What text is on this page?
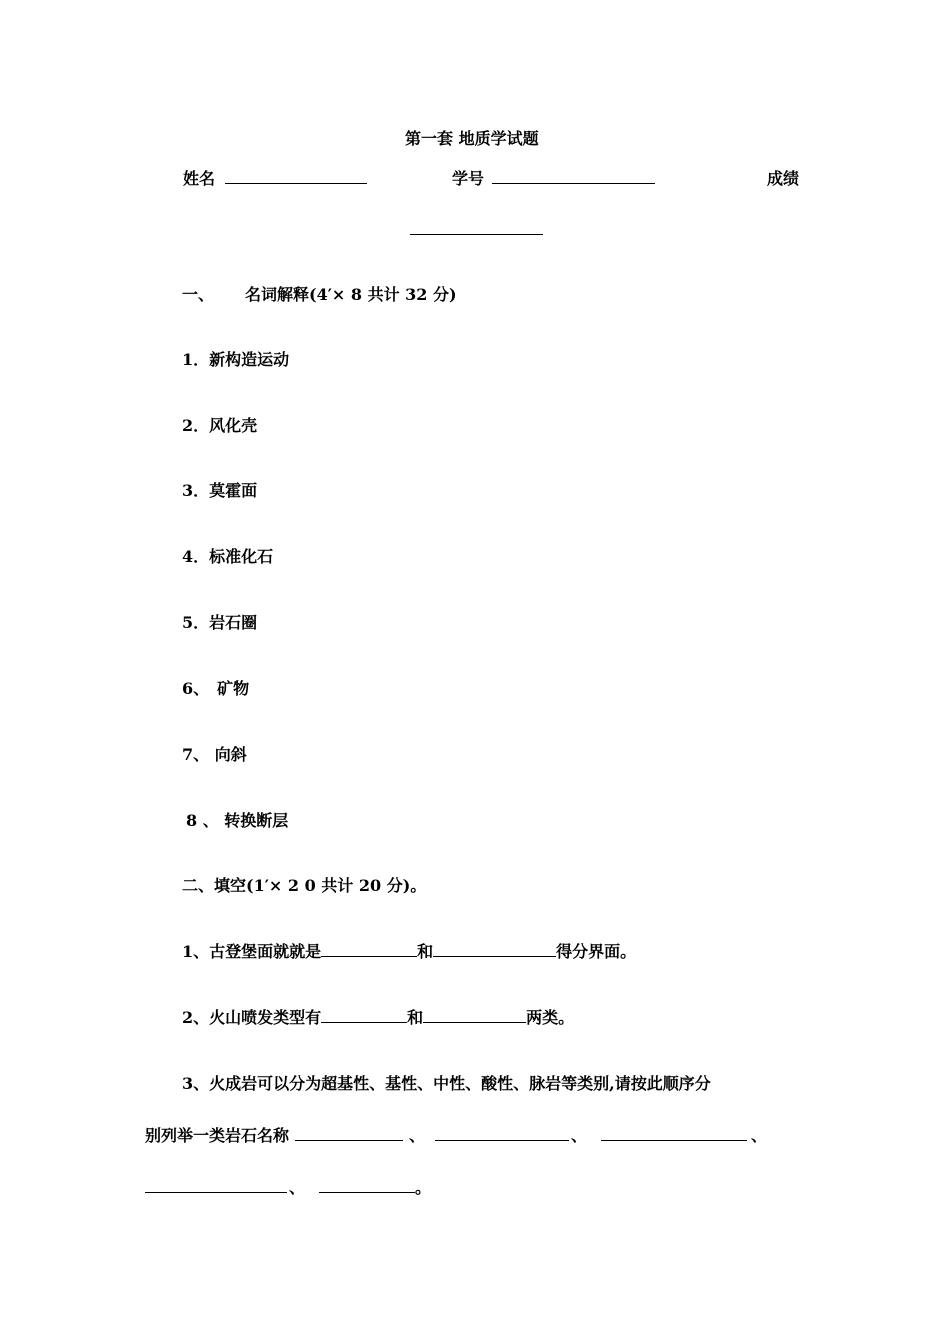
第一套 地质学试题
姓名	学号	成绩
一、 名词解释(4′× 8 共计 32 分)
1．新构造运动
2．风化壳
3．莫霍面
4．标准化石
5．岩石圈
6、　矿物
7、 向斜
8 、 转换断层
二、填空(1′× 2 0 共计 20 分)。
1、古登堡面就就是	和	得分界面。
2、火山喷发类型有	和	两类。
3、火成岩可以分为超基性、基性、中性、酸性、脉岩等类别,请按此顺序分
别列举一类岩石名称	、	、	、
、	。
